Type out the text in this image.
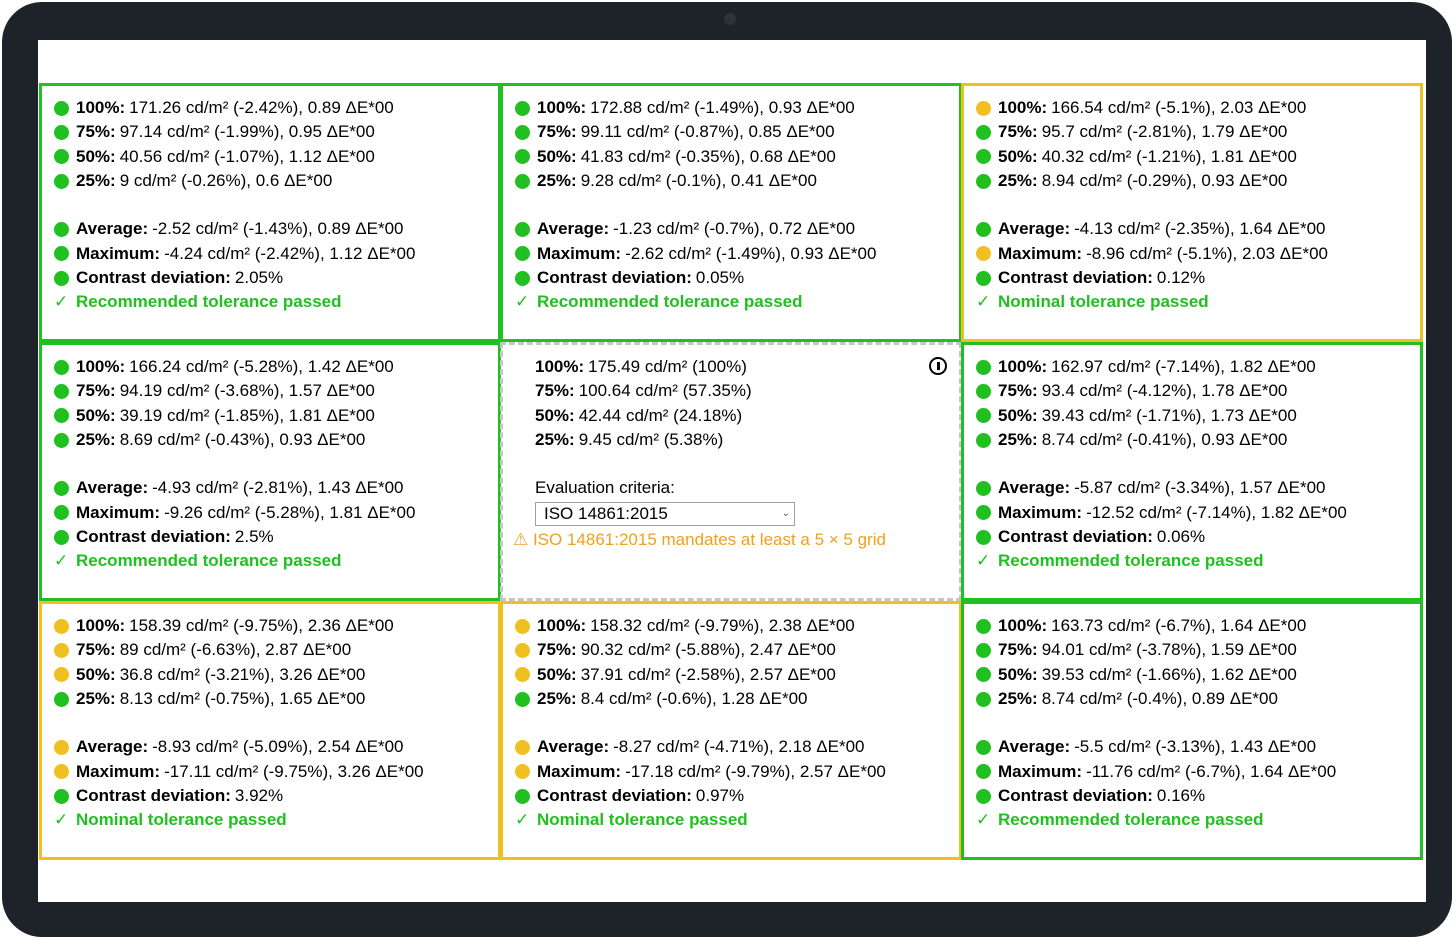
100%: 171.26 cd/m² (-2.42%), 0.89 ΔE*00
75%: 97.14 cd/m² (-1.99%), 0.95 ΔE*00
50%: 40.56 cd/m² (-1.07%), 1.12 ΔE*00
25%: 9 cd/m² (-0.26%), 0.6 ΔE*00
Average: -2.52 cd/m² (-1.43%), 0.89 ΔE*00
Maximum: -4.24 cd/m² (-2.42%), 1.12 ΔE*00
Contrast deviation: 2.05%
✓ Recommended tolerance passed
100%: 172.88 cd/m² (-1.49%), 0.93 ΔE*00
75%: 99.11 cd/m² (-0.87%), 0.85 ΔE*00
50%: 41.83 cd/m² (-0.35%), 0.68 ΔE*00
25%: 9.28 cd/m² (-0.1%), 0.41 ΔE*00
Average: -1.23 cd/m² (-0.7%), 0.72 ΔE*00
Maximum: -2.62 cd/m² (-1.49%), 0.93 ΔE*00
Contrast deviation: 0.05%
✓ Recommended tolerance passed
100%: 166.54 cd/m² (-5.1%), 2.03 ΔE*00
75%: 95.7 cd/m² (-2.81%), 1.79 ΔE*00
50%: 40.32 cd/m² (-1.21%), 1.81 ΔE*00
25%: 8.94 cd/m² (-0.29%), 0.93 ΔE*00
Average: -4.13 cd/m² (-2.35%), 1.64 ΔE*00
Maximum: -8.96 cd/m² (-5.1%), 2.03 ΔE*00
Contrast deviation: 0.12%
✓ Nominal tolerance passed
100%: 166.24 cd/m² (-5.28%), 1.42 ΔE*00
75%: 94.19 cd/m² (-3.68%), 1.57 ΔE*00
50%: 39.19 cd/m² (-1.85%), 1.81 ΔE*00
25%: 8.69 cd/m² (-0.43%), 0.93 ΔE*00
Average: -4.93 cd/m² (-2.81%), 1.43 ΔE*00
Maximum: -9.26 cd/m² (-5.28%), 1.81 ΔE*00
Contrast deviation: 2.5%
✓ Recommended tolerance passed
100%: 175.49 cd/m² (100%)
75%: 100.64 cd/m² (57.35%)
50%: 42.44 cd/m² (24.18%)
25%: 9.45 cd/m² (5.38%)
Evaluation criteria:
ISO 14861:2015	⌄
⚠ ISO 14861:2015 mandates at least a 5 × 5 grid
100%: 162.97 cd/m² (-7.14%), 1.82 ΔE*00
75%: 93.4 cd/m² (-4.12%), 1.78 ΔE*00
50%: 39.43 cd/m² (-1.71%), 1.73 ΔE*00
25%: 8.74 cd/m² (-0.41%), 0.93 ΔE*00
Average: -5.87 cd/m² (-3.34%), 1.57 ΔE*00
Maximum: -12.52 cd/m² (-7.14%), 1.82 ΔE*00
Contrast deviation: 0.06%
✓ Recommended tolerance passed
100%: 158.39 cd/m² (-9.75%), 2.36 ΔE*00
75%: 89 cd/m² (-6.63%), 2.87 ΔE*00
50%: 36.8 cd/m² (-3.21%), 3.26 ΔE*00
25%: 8.13 cd/m² (-0.75%), 1.65 ΔE*00
Average: -8.93 cd/m² (-5.09%), 2.54 ΔE*00
Maximum: -17.11 cd/m² (-9.75%), 3.26 ΔE*00
Contrast deviation: 3.92%
✓ Nominal tolerance passed
100%: 158.32 cd/m² (-9.79%), 2.38 ΔE*00
75%: 90.32 cd/m² (-5.88%), 2.47 ΔE*00
50%: 37.91 cd/m² (-2.58%), 2.57 ΔE*00
25%: 8.4 cd/m² (-0.6%), 1.28 ΔE*00
Average: -8.27 cd/m² (-4.71%), 2.18 ΔE*00
Maximum: -17.18 cd/m² (-9.79%), 2.57 ΔE*00
Contrast deviation: 0.97%
✓ Nominal tolerance passed
100%: 163.73 cd/m² (-6.7%), 1.64 ΔE*00
75%: 94.01 cd/m² (-3.78%), 1.59 ΔE*00
50%: 39.53 cd/m² (-1.66%), 1.62 ΔE*00
25%: 8.74 cd/m² (-0.4%), 0.89 ΔE*00
Average: -5.5 cd/m² (-3.13%), 1.43 ΔE*00
Maximum: -11.76 cd/m² (-6.7%), 1.64 ΔE*00
Contrast deviation: 0.16%
✓ Recommended tolerance passed
